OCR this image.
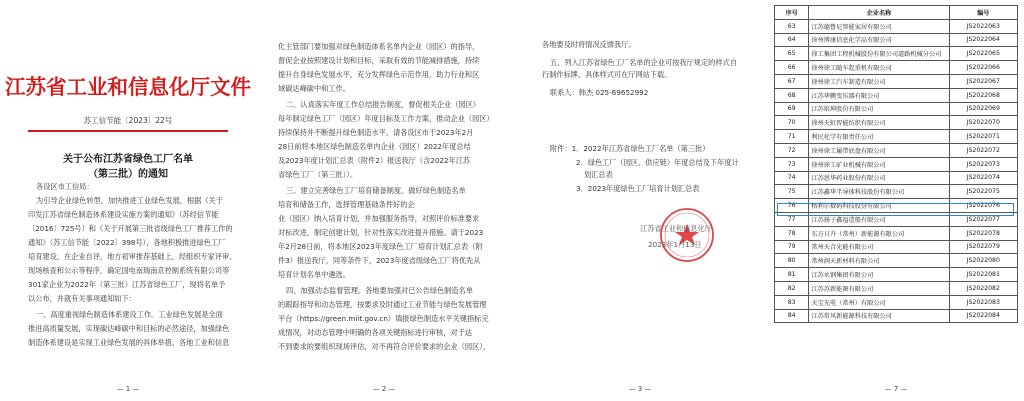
江苏省工业和信息化厅文件
苏工信节能〔2023〕22号
关于公布江苏省绿色工厂名单
（第三批）的通知
各设区市工信局：
为引导企业绿色转型，加快推进工业绿色发展，根据《关于
印发江苏省绿色制造体系建设实施方案的通知》（苏经信节能
〔2016〕725号）和《关于开展第三批省级绿色工厂推荐工作的
通知》（苏工信节能〔2022〕398号），各地积极推进绿色工厂
培育建设，在企业自评，地方初审推荐基础上，经组织专家评审、
现场核查和公示等程序，确定国电南瑞南京控制系统有限公司等
301家企业为2022年（第三批）江苏省绿色工厂，现将名单予
以公布，并就有关事项通知如下：
一、高度重视绿色制造体系建设工作。工业绿色发展是全面
推进高质量发展，实现碳达峰碳中和目标的必然途径，加强绿色
制造体系建设是实现工业绿色发展的具体举措。各地工业和信息
— 1 —
化主管部门要加强对绿色制造体系名单内企业（园区）的指导，
督促企业按照建设计划和目标，采取有效的节能减排措施，持续
提升自身绿色发展水平，充分发挥绿色示范作用，助力行业和区
域碳达峰碳中和工作。
二、认真落实年度工作总结报告制度，督促相关企业（园区）
每年制定绿色工厂（园区）年度目标及工作方案，推动企业（园区）
持续保持并不断提升绿色制造水平。请各设区市于2023年2月
28日前将本地区绿色制造名单内企业（园区）2022年度总结
及2023年度计划汇总表（附件2）报送我厅（含2022年江苏
省绿色工厂（第三批））。
三、建立完善绿色工厂培育储备制度。做好绿色制造名单
培育和储备工作，选择管理基础条件好的企
业（园区）纳入培育计划，并加强服务指导，对照评价标准要求
对标改进，制定创建计划，针对性落实改进提升措施。请于2023
年2月28日前，将本地区2023年度绿色工厂培育计划汇总表（附
件3）报送我厅，同等条件下，2023年度省级绿色工厂将优先从
培育计划名单中遴选。
四、加强动态监督管理。各地要加强对已公告绿色制造名单
的跟踪指导和动态管理，按要求及时通过工业节能与绿色发展管理
平台（https://green.miit.gov.cn）填报绿色制造水平关键指标完
成情况，对动态管理中明确的各项关键指标进行审核，对于达
不到要求的要组织现场评估，对不再符合评价要求的企业（园区），
— 2 —
各地要及时将情况反馈我厅。
五、列入江苏省绿色工厂名单的企业可按我厅规定的样式自
行制作标牌，具体样式可在厅网站下载。
联系人：韩杰 025-69652992
附件：1．2022年江苏省绿色工厂名单（第三批）
2．绿色工厂（园区、供应链）年度总结及下年度计
划汇总表
3．2023年度绿色工厂培育计划汇总表
江苏省工业和信息化厅
2023年1月13日
— 3 —
序号	企业名称	编号
63	江苏德鲁尼智能家居有限公司	JS2022063
64	徐州博康信息化学品有限公司	JS2022064
65	徐工集团工程机械股份有限公司道路机械分公司	JS2022065
66	徐州徐工随车起重机有限公司	JS2022066
67	徐州徐工汽车制造有限公司	JS2022067
68	江苏华鹏变压器有限公司	JS2022068
69	江苏垠坤股份有限公司	JS2022069
70	徐州天虹智能纺织有限公司	JS2022070
71	利民化学有限责任公司	JS2022071
72	徐州徐工履带底盘有限公司	JS2022072
73	徐州徐工矿业机械有限公司	JS2022073
74	江苏恩华药业股份有限公司	JS2022074
75	江苏鑫华半导体科技股份有限公司	JS2022075
76	格利尔数码科技股份有限公司	JS2022076
77	江苏扬子鑫福造船有限公司	JS2022077
78	东方日升（常州）新能源有限公司	JS2022078
79	常州天合光能有限公司	JS2022079
80	常州润天新材料有限公司	JS2022080
81	江苏永钢集团有限公司	JS2022081
82	江苏苏新能源有限公司	JS2022082
83	天宝光电（常州）有限公司	JS2022083
84	江苏常风新能源科技有限公司	JS2022084
— 7 —
